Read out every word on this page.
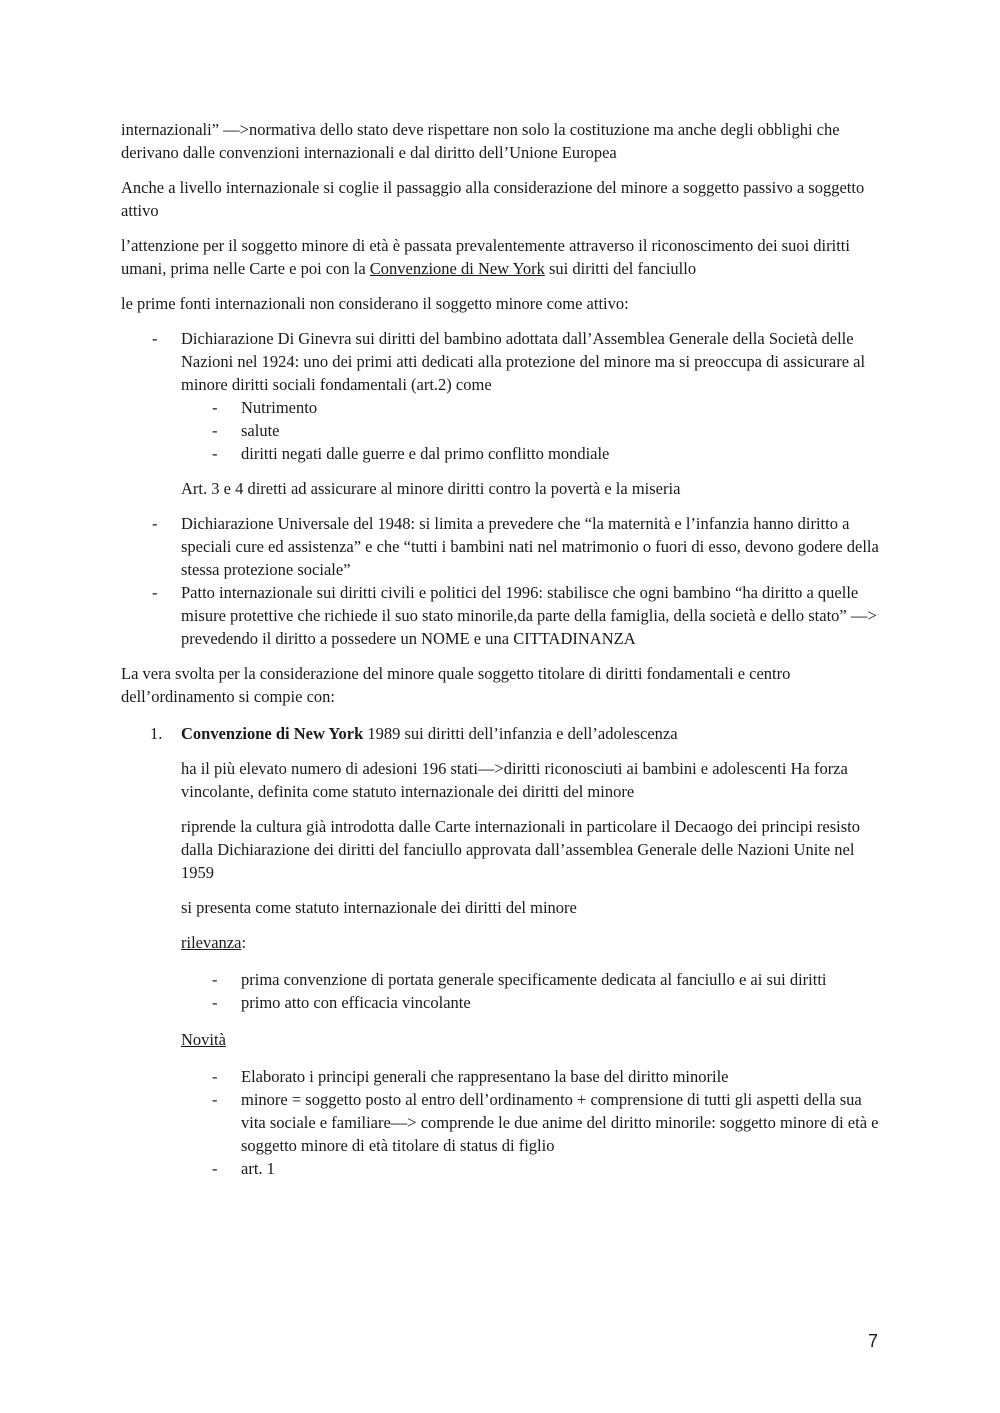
internazionali” —>normativa dello stato deve rispettare non solo la costituzione ma anche degli obblighi che derivano dalle convenzioni internazionali e dal diritto dell’Unione Europea

Anche a livello internazionale si coglie il passaggio alla considerazione del minore a soggetto passivo a soggetto attivo

l’attenzione per il soggetto minore di età è passata prevalentemente attraverso il riconoscimento dei suoi diritti umani, prima nelle Carte e poi con la Convenzione di New York sui diritti del fanciullo

le prime fonti internazionali non considerano il soggetto minore come attivo:

- Dichiarazione Di Ginevra sui diritti del bambino adottata dall’Assemblea Generale della Società delle Nazioni nel 1924: uno dei primi atti dedicati alla protezione del minore ma si preoccupa di assicurare al minore diritti sociali fondamentali (art.2) come
- Nutrimento
- salute
- diritti negati dalle guerre e dal primo conflitto mondiale

Art. 3 e 4 diretti ad assicurare al minore diritti contro la povertà e la miseria

- Dichiarazione Universale del 1948: si limita a prevedere che “la maternità e l’infanzia hanno diritto a speciali cure ed assistenza” e che “tutti i bambini nati nel matrimonio o fuori di esso, devono godere della stessa protezione sociale”
- Patto internazionale sui diritti civili e politici del 1996: stabilisce che ogni bambino “ha diritto a quelle misure protettive che richiede il suo stato minorile,da parte della famiglia, della società e dello stato” —> prevedendo il diritto a possedere un NOME e una CITTADINANZA

La vera svolta per la considerazione del minore quale soggetto titolare di diritti fondamentali e centro dell’ordinamento si compie con:

1. Convenzione di New York 1989 sui diritti dell’infanzia e dell’adolescenza

ha il più elevato numero di adesioni 196 stati—>diritti riconosciuti ai bambini e adolescenti Ha forza vincolante, definita come statuto internazionale dei diritti del minore

riprende la cultura già introdotta dalle Carte internazionali in particolare il Decaogo dei principi resisto dalla Dichiarazione dei diritti del fanciullo approvata dall’assemblea Generale delle Nazioni Unite nel 1959

si presenta come statuto internazionale dei diritti del minore

rilevanza:

- prima convenzione di portata generale specificamente dedicata al fanciullo e ai sui diritti
- primo atto con efficacia vincolante

Novità

- Elaborato i principi generali che rappresentano la base del diritto minorile
- minore = soggetto posto al entro dell’ordinamento + comprensione di tutti gli aspetti della sua vita sociale e familiare—> comprende le due anime del diritto minorile: soggetto minore di età e soggetto minore di età titolare di status di figlio
- art. 1
7
